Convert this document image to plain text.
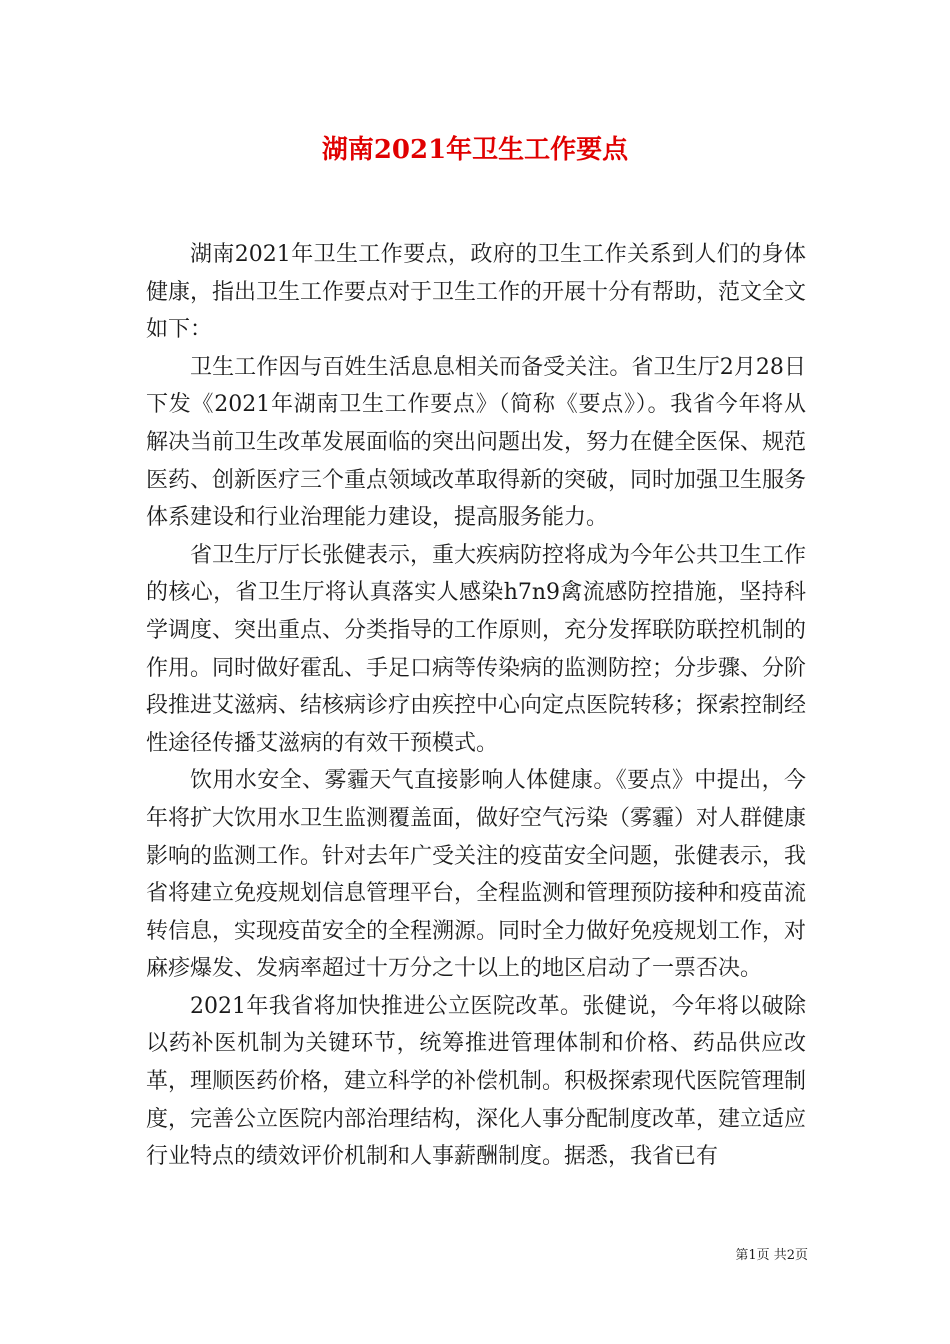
湖南2021年卫生工作要点

湖南2021年卫生工作要点，政府的卫生工作关系到人们的身体健康，指出卫生工作要点对于卫生工作的开展十分有帮助，范文全文如下：

卫生工作因与百姓生活息息相关而备受关注。省卫生厅2月28日下发《2021年湖南卫生工作要点》（简称《要点》）。我省今年将从解决当前卫生改革发展面临的突出问题出发，努力在健全医保、规范医药、创新医疗三个重点领域改革取得新的突破，同时加强卫生服务体系建设和行业治理能力建设，提高服务能力。

省卫生厅厅长张健表示，重大疾病防控将成为今年公共卫生工作的核心，省卫生厅将认真落实人感染h7n9禽流感防控措施，坚持科学调度、突出重点、分类指导的工作原则，充分发挥联防联控机制的作用。同时做好霍乱、手足口病等传染病的监测防控；分步骤、分阶段推进艾滋病、结核病诊疗由疾控中心向定点医院转移；探索控制经性途径传播艾滋病的有效干预模式。

饮用水安全、雾霾天气直接影响人体健康。《要点》中提出，今年将扩大饮用水卫生监测覆盖面，做好空气污染（雾霾）对人群健康影响的监测工作。针对去年广受关注的疫苗安全问题，张健表示，我省将建立免疫规划信息管理平台，全程监测和管理预防接种和疫苗流转信息，实现疫苗安全的全程溯源。同时全力做好免疫规划工作，对麻疹爆发、发病率超过十万分之十以上的地区启动了一票否决。

2021年我省将加快推进公立医院改革。张健说，今年将以破除以药补医机制为关键环节，统筹推进管理体制和价格、药品供应改革，理顺医药价格，建立科学的补偿机制。积极探索现代医院管理制度，完善公立医院内部治理结构，深化人事分配制度改革，建立适应行业特点的绩效评价机制和人事薪酬制度。据悉，我省已有

第1页 共2页
